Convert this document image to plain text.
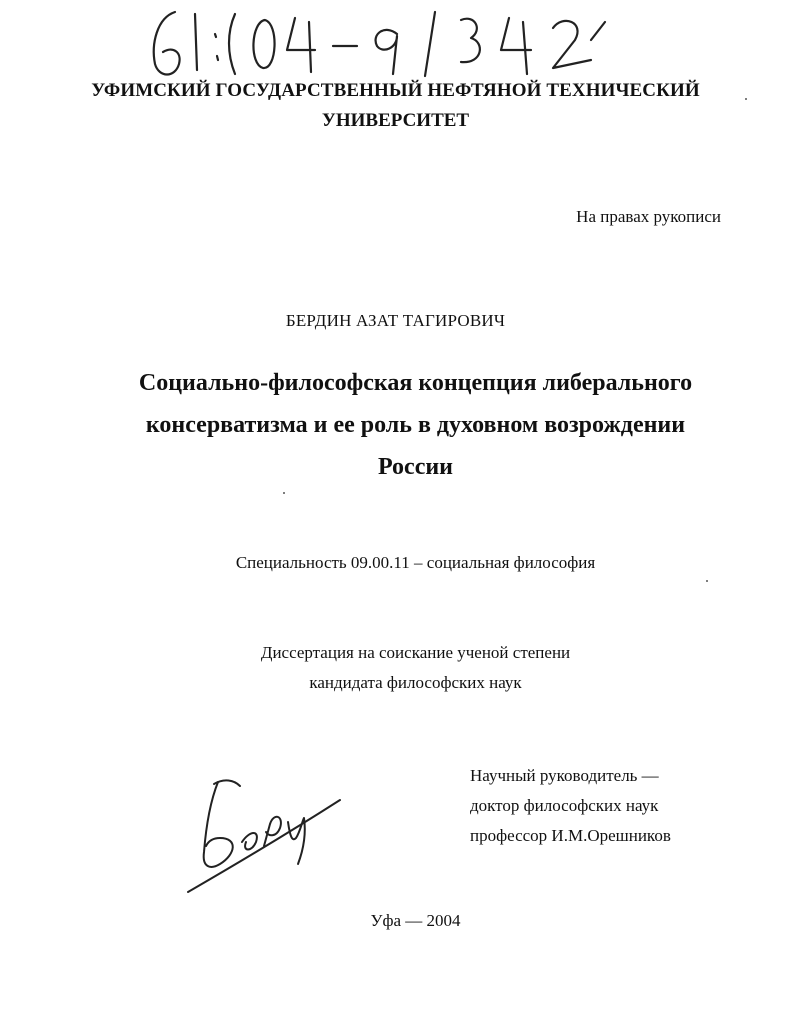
УФИМСКИЙ ГОСУДАРСТВЕННЫЙ НЕФТЯНОЙ ТЕХНИЧЕСКИЙ
УНИВЕРСИТЕТ
На правах рукописи
БЕРДИН АЗАТ ТАГИРОВИЧ
Социально-философская концепция либерального
консерватизма и ее роль в духовном возрождении
России
Специальность 09.00.11 – социальная философия
Диссертация на соискание ученой степени
кандидата философских наук
Научный руководитель —
доктор философских наук
профессор И.М.Орешников
Уфа — 2004
